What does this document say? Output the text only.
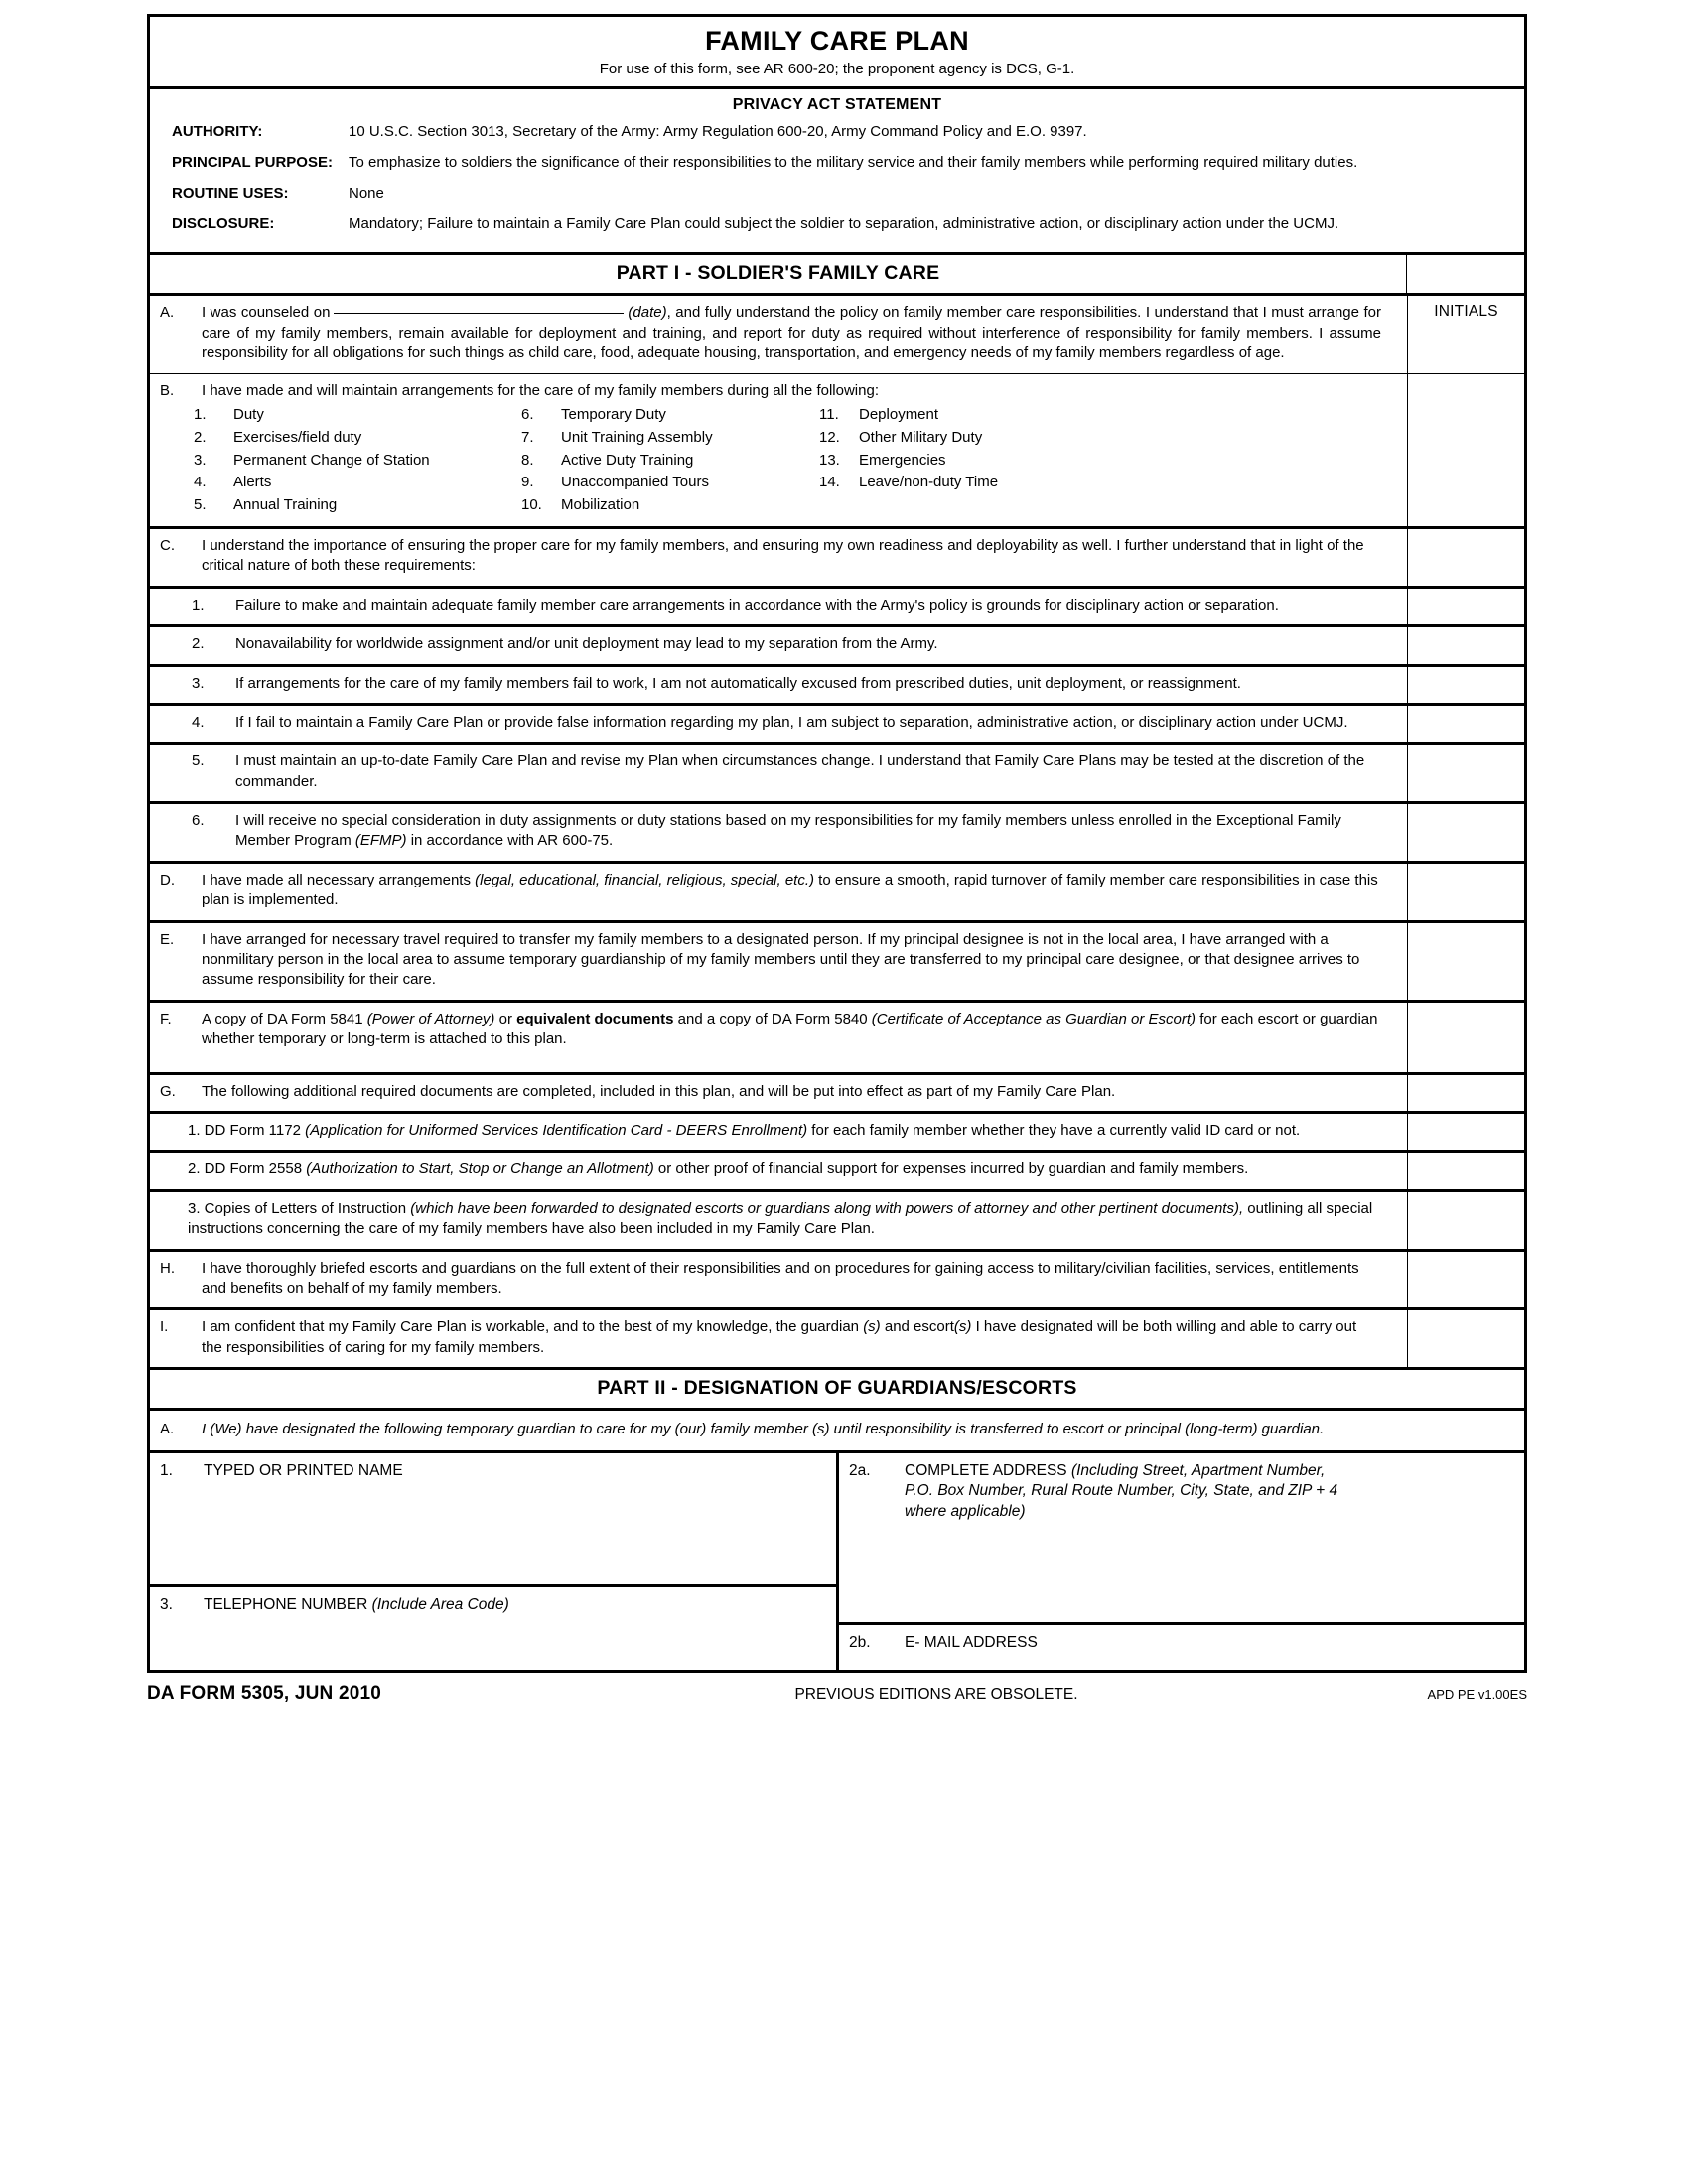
FAMILY CARE PLAN
For use of this form, see AR 600-20; the proponent agency is DCS, G-1.
PRIVACY ACT STATEMENT
AUTHORITY:	10 U.S.C. Section 3013, Secretary of the Army: Army Regulation 600-20, Army Command Policy and E.O. 9397.
PRINCIPAL PURPOSE:	To emphasize to soldiers the significance of their responsibilities to the military service and their family members while performing required military duties.
ROUTINE USES:	None
DISCLOSURE:	Mandatory; Failure to maintain a Family Care Plan could subject the soldier to separation, administrative action, or disciplinary action under the UCMJ.
PART I - SOLDIER'S FAMILY CARE
A.	I was counseled on	(date), and fully understand the policy on family member care responsibilities. I understand that I must arrange for care of my family members, remain available for deployment and training, and report for duty as required without interference of responsibility for family members. I assume responsibility for all obligations for such things as child care, food, adequate housing, transportation, and emergency needs of my family members regardless of age.
INITIALS
B.	I have made and will maintain arrangements for the care of my family members during all the following:
1.	Duty
2.	Exercises/field duty
3.	Permanent Change of Station
4.	Alerts
5.	Annual Training
6.	Temporary Duty
7.	Unit Training Assembly
8.	Active Duty Training
9.	Unaccompanied Tours
10.	Mobilization
11.	Deployment
12.	Other Military Duty
13.	Emergencies
14.	Leave/non-duty Time
C.	I understand the importance of ensuring the proper care for my family members, and ensuring my own readiness and deployability as well. I further understand that in light of the critical nature of both these requirements:
1.	Failure to make and maintain adequate family member care arrangements in accordance with the Army's policy is grounds for disciplinary action or separation.
2.	Nonavailability for worldwide assignment and/or unit deployment may lead to my separation from the Army.
3.	If arrangements for the care of my family members fail to work, I am not automatically excused from prescribed duties, unit deployment, or reassignment.
4.	If I fail to maintain a Family Care Plan or provide false information regarding my plan, I am subject to separation, administrative action, or disciplinary action under UCMJ.
5.	I must maintain an up-to-date Family Care Plan and revise my Plan when circumstances change. I understand that Family Care Plans may be tested at the discretion of the commander.
6.	I will receive no special consideration in duty assignments or duty stations based on my responsibilities for my family members unless enrolled in the Exceptional Family Member Program (EFMP) in accordance with AR 600-75.
D.	I have made all necessary arrangements (legal, educational, financial, religious, special, etc.) to ensure a smooth, rapid turnover of family member care responsibilities in case this plan is implemented.
E.	I have arranged for necessary travel required to transfer my family members to a designated person. If my principal designee is not in the local area, I have arranged with a nonmilitary person in the local area to assume temporary guardianship of my family members until they are transferred to my principal care designee, or that designee arrives to assume responsibility for their care.
F.	A copy of DA Form 5841 (Power of Attorney) or equivalent documents and a copy of DA Form 5840 (Certificate of Acceptance as Guardian or Escort) for each escort or guardian whether temporary or long-term is attached to this plan.
G.	The following additional required documents are completed, included in this plan, and will be put into effect as part of my Family Care Plan.
1. DD Form 1172 (Application for Uniformed Services Identification Card - DEERS Enrollment) for each family member whether they have a currently valid ID card or not.
2. DD Form 2558 (Authorization to Start, Stop or Change an Allotment) or other proof of financial support for expenses incurred by guardian and family members.
3. Copies of Letters of Instruction (which have been forwarded to designated escorts or guardians along with powers of attorney and other pertinent documents), outlining all special instructions concerning the care of my family members have also been included in my Family Care Plan.
H.	I have thoroughly briefed escorts and guardians on the full extent of their responsibilities and on procedures for gaining access to military/civilian facilities, services, entitlements and benefits on behalf of my family members.
I.	I am confident that my Family Care Plan is workable, and to the best of my knowledge, the guardian (s) and escort(s) I have designated will be both willing and able to carry out the responsibilities of caring for my family members.
PART II - DESIGNATION OF GUARDIANS/ESCORTS
A.	I (We) have designated the following temporary guardian to care for my (our) family member (s) until responsibility is transferred to escort or principal (long-term) guardian.
1.	TYPED OR PRINTED NAME
3.	TELEPHONE NUMBER (Include Area Code)
2a.	COMPLETE ADDRESS (Including Street, Apartment Number,
P.O. Box Number, Rural Route Number, City, State, and ZIP + 4
where applicable)
2b.	E- MAIL ADDRESS
DA FORM 5305, JUN 2010	PREVIOUS EDITIONS ARE OBSOLETE.	APD PE v1.00ES
